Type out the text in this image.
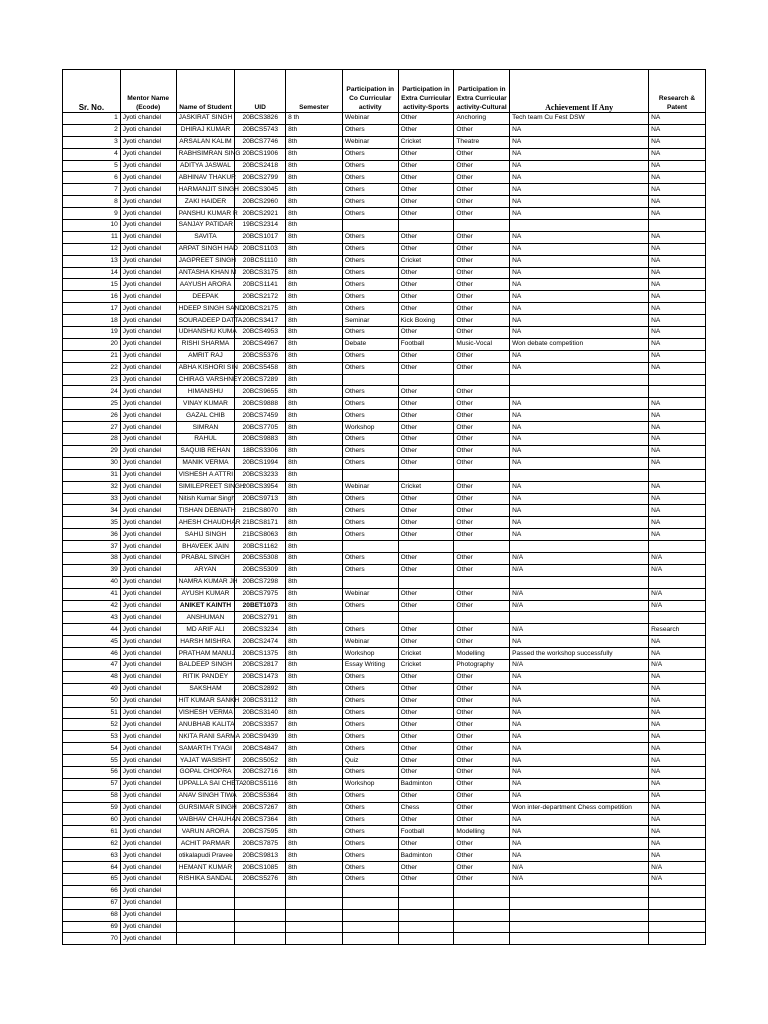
Sr. No.	Mentor Name (Ecode)	Name of Student	UID	Semester	Participation in Co Curricular activity	Participation in Extra Curricular activity-Sports	Participation in Extra Curricular activity-Cultural	Achievement If Any	Research & Patent
1	Jyoti chandel	JASKIRAT SINGH	20BCS3826	8 th	Webinar	Other	Anchoring	Tech team Cu Fest DSW	NA
2	Jyoti chandel	DHIRAJ KUMAR	20BCS5743	8th	Others	Other	Other	NA	NA
3	Jyoti chandel	ARSALAN KALIM	20BCS7746	8th	Webinar	Cricket	Theatre	NA	NA
4	Jyoti chandel	RABHSIMRAN SING	20BCS1906	8th	Others	Other	Other	NA	NA
5	Jyoti chandel	ADITYA JASWAL	20BCS2418	8th	Others	Other	Other	NA	NA
6	Jyoti chandel	ABHINAV THAKUR	20BCS2799	8th	Others	Other	Other	NA	NA
7	Jyoti chandel	HARMANJIT SINGH	20BCS3045	8th	Others	Other	Other	NA	NA
8	Jyoti chandel	ZAKI HAIDER	20BCS2960	8th	Others	Other	Other	NA	NA
9	Jyoti chandel	PANSHU KUMAR R	20BCS2921	8th	Others	Other	Other	NA	NA
10	Jyoti chandel	SANJAY PATIDAR	19BCS2314	8th					
11	Jyoti chandel	SAVITA	20BCS1017	8th	Others	Other	Other	NA	NA
12	Jyoti chandel	ARPAT SINGH HAD	20BCS1103	8th	Others	Other	Other	NA	NA
13	Jyoti chandel	JAGPREET SINGH	20BCS1110	8th	Others	Cricket	Other	NA	NA
14	Jyoti chandel	ANTASHA KHAN M	20BCS3175	8th	Others	Other	Other	NA	NA
15	Jyoti chandel	AAYUSH ARORA	20BCS1141	8th	Others	Other	Other	NA	NA
16	Jyoti chandel	DEEPAK	20BCS2172	8th	Others	Other	Other	NA	NA
17	Jyoti chandel	HDEEP SINGH SAND	20BCS2175	8th	Others	Other	Other	NA	NA
18	Jyoti chandel	SOURADEEP DATTA	20BCS3417	8th	Seminar	Kick Boxing	Other	NA	NA
19	Jyoti chandel	UDHANSHU KUMA	20BCS4953	8th	Others	Other	Other	NA	NA
20	Jyoti chandel	RISHI SHARMA	20BCS4967	8th	Debate	Football	Music-Vocal	Won debate competition	NA
21	Jyoti chandel	AMRIT RAJ	20BCS5376	8th	Others	Other	Other	NA	NA
22	Jyoti chandel	ABHA KISHORI SIN	20BCS5458	8th	Others	Other	Other	NA	NA
23	Jyoti chandel	CHIRAG VARSHNEY	20BCS7289	8th					
24	Jyoti chandel	HIMANSHU	20BCS9655	8th	Others	Other	Other		
25	Jyoti chandel	VINAY KUMAR	20BCS9888	8th	Others	Other	Other	NA	NA
26	Jyoti chandel	GAZAL CHIB	20BCS7459	8th	Others	Other	Other	NA	NA
27	Jyoti chandel	SIMRAN	20BCS7705	8th	Workshop	Other	Other	NA	NA
28	Jyoti chandel	RAHUL	20BCS9883	8th	Others	Other	Other	NA	NA
29	Jyoti chandel	SAQUIB REHAN	18BCS3306	8th	Others	Other	Other	NA	NA
30	Jyoti chandel	MANIK VERMA	20BCS1994	8th	Others	Other	Other	NA	NA
31	Jyoti chandel	VISHESH A ATTRI	20BCS3233	8th					
32	Jyoti chandel	SIMILEPREET SINGH	20BCS3954	8th	Webinar	Cricket	Other	NA	NA
33	Jyoti chandel	Nitish Kumar Singh	20BCS9713	8th	Others	Other	Other	NA	NA
34	Jyoti chandel	TISHAN DEBNATH	21BCS8070	8th	Others	Other	Other	NA	NA
35	Jyoti chandel	AHESH CHAUDHAR	21BCS8171	8th	Others	Other	Other	NA	NA
36	Jyoti chandel	SAHIJ SINGH	21BCS8063	8th	Others	Other	Other	NA	NA
37	Jyoti chandel	BHAVEEK JAIN	20BCS1162	8th					
38	Jyoti chandel	PRABAL SINGH	20BCS5308	8th	Others	Other	Other	N/A	N/A
39	Jyoti chandel	ARYAN	20BCS5309	8th	Others	Other	Other	N/A	N/A
40	Jyoti chandel	NAMRA KUMAR JH	20BCS7298	8th					
41	Jyoti chandel	AYUSH KUMAR	20BCS7975	8th	Webinar	Other	Other	N/A	N/A
42	Jyoti chandel	ANIKET KAINTH	20BET1073	8th	Others	Other	Other	N/A	N/A
43	Jyoti chandel	ANSHUMAN	20BCS2791	8th					
44	Jyoti chandel	MD ARIF ALI	20BCS3234	8th	Others	Other	Other	N/A	Research
45	Jyoti chandel	HARSH MISHRA	20BCS2474	8th	Webinar	Other	Other	NA	NA
46	Jyoti chandel	PRATHAM MANUJ	20BCS1375	8th	Workshop	Cricket	Modelling	Passed the workshop successfully	NA
47	Jyoti chandel	BALDEEP SINGH	20BCS2817	8th	Essay Writing	Cricket	Photography	N/A	N/A
48	Jyoti chandel	RITIK PANDEY	20BCS1473	8th	Others	Other	Other	NA	NA
49	Jyoti chandel	SAKSHAM	20BCS2892	8th	Others	Other	Other	NA	NA
50	Jyoti chandel	HIT KUMAR SANKH	20BCS3112	8th	Others	Other	Other	NA	NA
51	Jyoti chandel	VISHESH VERMA	20BCS3140	8th	Others	Other	Other	NA	NA
52	Jyoti chandel	ANUBHAB KALITA	20BCS3357	8th	Others	Other	Other	NA	NA
53	Jyoti chandel	NKITA RANI SARMA	20BCS9439	8th	Others	Other	Other	NA	NA
54	Jyoti chandel	SAMARTH TYAGI	20BCS4847	8th	Others	Other	Other	NA	NA
55	Jyoti chandel	YAJAT WASISHT	20BCS5052	8th	Quiz	Other	Other	NA	NA
56	Jyoti chandel	GOPAL CHOPRA	20BCS2716	8th	Others	Other	Other	NA	NA
57	Jyoti chandel	UPPALLA SAI CHETA	20BCS5116	8th	Workshop	Badminton	Other	NA	NA
58	Jyoti chandel	ANAV SINGH TIWA	20BCS5364	8th	Others	Other	Other	NA	NA
59	Jyoti chandel	GURSIMAR SINGH	20BCS7267	8th	Others	Chess	Other	Won inter-department Chess competition	NA
60	Jyoti chandel	VAIBHAV CHAUHAN	20BCS7364	8th	Others	Other	Other	NA	NA
61	Jyoti chandel	VARUN ARORA	20BCS7595	8th	Others	Football	Modelling	NA	NA
62	Jyoti chandel	ACHIT PARMAR	20BCS7875	8th	Others	Other	Other	NA	NA
63	Jyoti chandel	otikalapudi Pravee	20BCS9813	8th	Others	Badminton	Other	NA	NA
64	Jyoti chandel	HEMANT KUMAR	20BCS1085	8th	Others	Other	Other	N/A	N/A
65	Jyoti chandel	RISHIKA SANDAL	20BCS5276	8th	Others	Other	Other	N/A	N/A
66	Jyoti chandel								
67	Jyoti chandel								
68	Jyoti chandel								
69	Jyoti chandel								
70	Jyoti chandel								
